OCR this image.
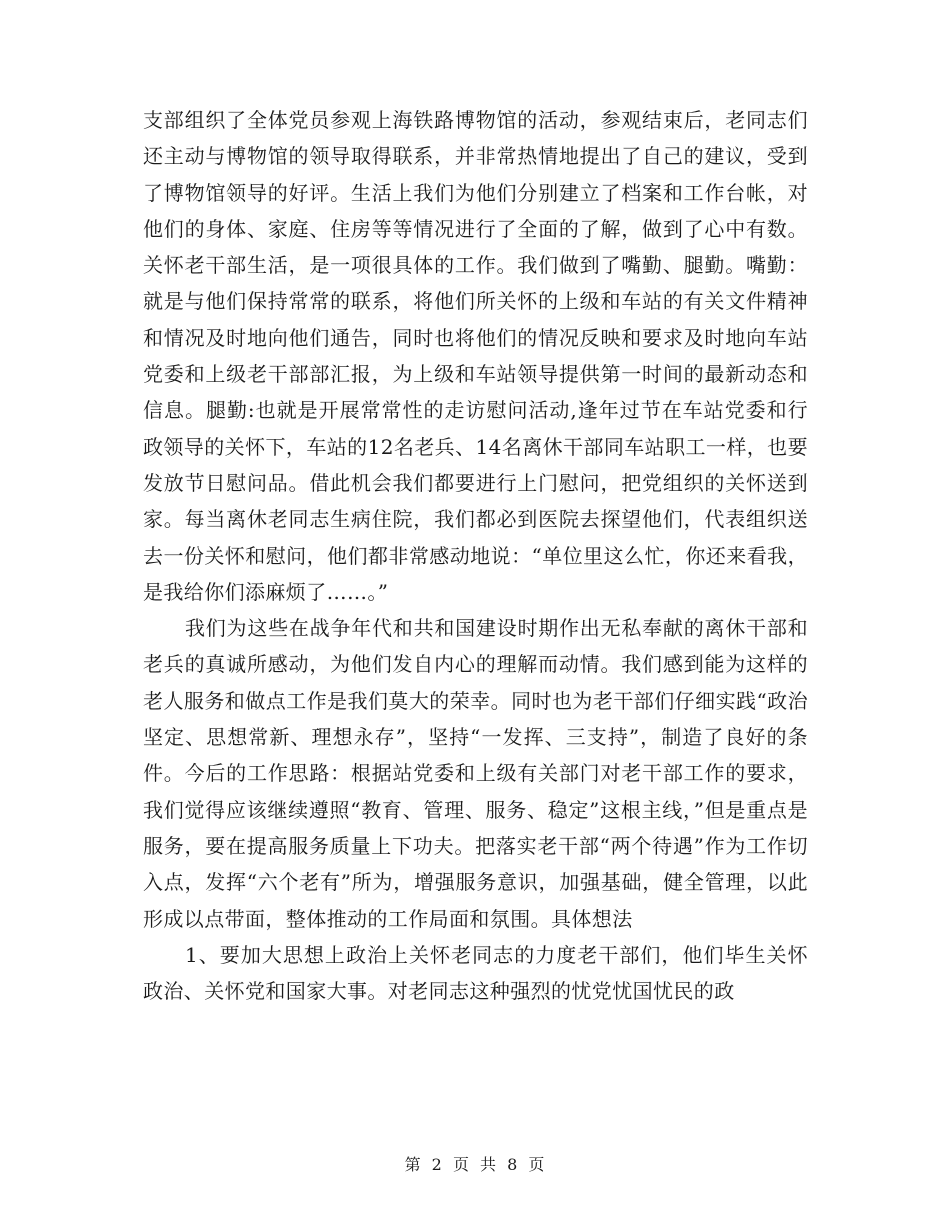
支部组织了全体党员参观上海铁路博物馆的活动，参观结束后，老同志们还主动与博物馆的领导取得联系，并非常热情地提出了自己的建议，受到了博物馆领导的好评。生活上我们为他们分别建立了档案和工作台帐，对他们的身体、家庭、住房等等情况进行了全面的了解，做到了心中有数。关怀老干部生活，是一项很具体的工作。我们做到了嘴勤、腿勤。嘴勤：就是与他们保持常常的联系，将他们所关怀的上级和车站的有关文件精神和情况及时地向他们通告，同时也将他们的情况反映和要求及时地向车站党委和上级老干部部汇报，为上级和车站领导提供第一时间的最新动态和信息。腿勤:也就是开展常常性的走访慰问活动,逢年过节在车站党委和行政领导的关怀下，车站的12名老兵、14名离休干部同车站职工一样，也要发放节日慰问品。借此机会我们都要进行上门慰问，把党组织的关怀送到家。每当离休老同志生病住院，我们都必到医院去探望他们，代表组织送去一份关怀和慰问，他们都非常感动地说：“单位里这么忙，你还来看我，是我给你们添麻烦了……。”

我们为这些在战争年代和共和国建设时期作出无私奉献的离休干部和老兵的真诚所感动，为他们发自内心的理解而动情。我们感到能为这样的老人服务和做点工作是我们莫大的荣幸。同时也为老干部们仔细实践“政治坚定、思想常新、理想永存”，坚持“一发挥、三支持”，制造了良好的条件。今后的工作思路：根据站党委和上级有关部门对老干部工作的要求，我们觉得应该继续遵照“教育、管理、服务、稳定”这根主线，”但是重点是服务，要在提高服务质量上下功夫。把落实老干部“两个待遇”作为工作切入点，发挥“六个老有”所为，增强服务意识，加强基础，健全管理，以此形成以点带面，整体推动的工作局面和氛围。具体想法

1、要加大思想上政治上关怀老同志的力度老干部们，他们毕生关怀政治、关怀党和国家大事。对老同志这种强烈的忧党忧国忧民的政

第 2 页 共 8 页
